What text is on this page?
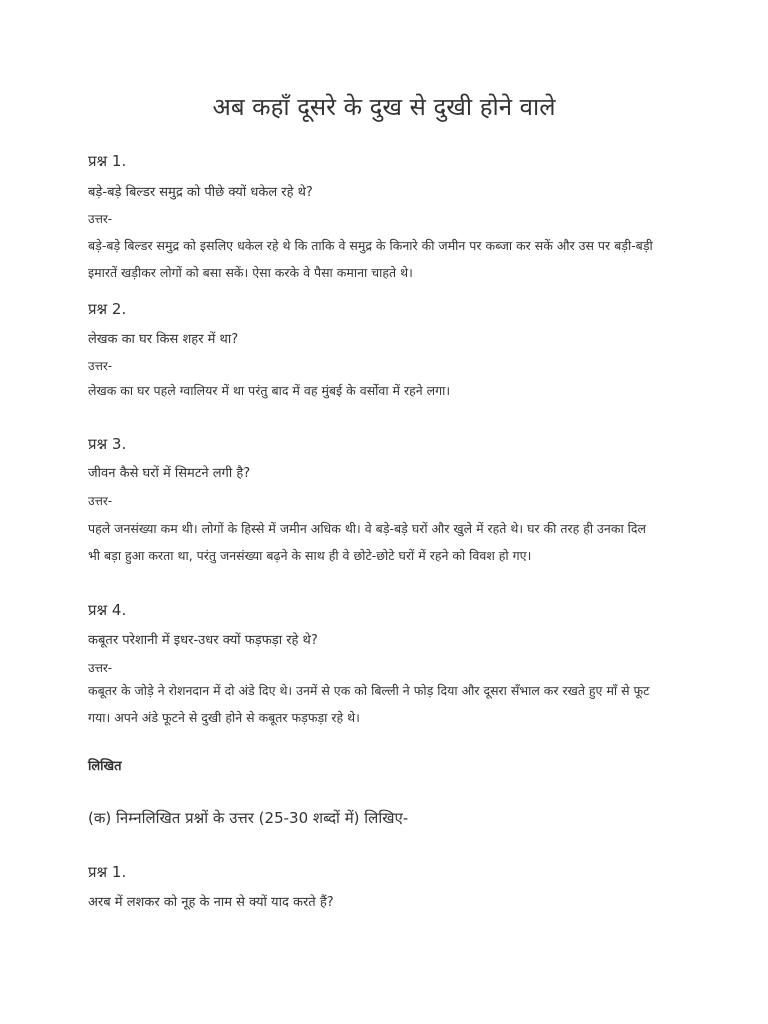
अब कहाँ दूसरे के दुख से दुखी होने वाले

प्रश्न 1.

बड़े-बड़े बिल्डर समुद्र को पीछे क्यों धकेल रहे थे?

उत्तर-

बड़े-बड़े बिल्डर समुद्र को इसलिए धकेल रहे थे कि ताकि वे समुद्र के किनारे की जमीन पर कब्जा कर सकें और उस पर बड़ी-बड़ी
इमारतें खड़ीकर लोगों को बसा सकें। ऐसा करके वे पैसा कमाना चाहते थे।

प्रश्न 2.

लेखक का घर किस शहर में था?

उत्तर-

लेखक का घर पहले ग्वालियर में था परंतु बाद में वह मुंबई के वर्सोवा में रहने लगा।

प्रश्न 3.

जीवन कैसे घरों में सिमटने लगी है?

उत्तर-

पहले जनसंख्या कम थी। लोगों के हिस्से में जमीन अधिक थी। वे बड़े-बड़े घरों और खुले में रहते थे। घर की तरह ही उनका दिल
भी बड़ा हुआ करता था, परंतु जनसंख्या बढ़ने के साथ ही वे छोटे-छोटे घरों में रहने को विवश हो गए।

प्रश्न 4.

कबूतर परेशानी में इधर-उधर क्यों फड़फड़ा रहे थे?

उत्तर-

कबूतर के जोड़े ने रोशनदान में दो अंडे दिए थे। उनमें से एक को बिल्ली ने फोड़ दिया और दूसरा सँभाल कर रखते हुए माँ से फूट
गया। अपने अंडे फूटने से दुखी होने से कबूतर फड़फड़ा रहे थे।

लिखित

(क) निम्नलिखित प्रश्नों के उत्तर (25-30 शब्दों में) लिखिए-

प्रश्न 1.

अरब में लशकर को नूह के नाम से क्यों याद करते हैं?
